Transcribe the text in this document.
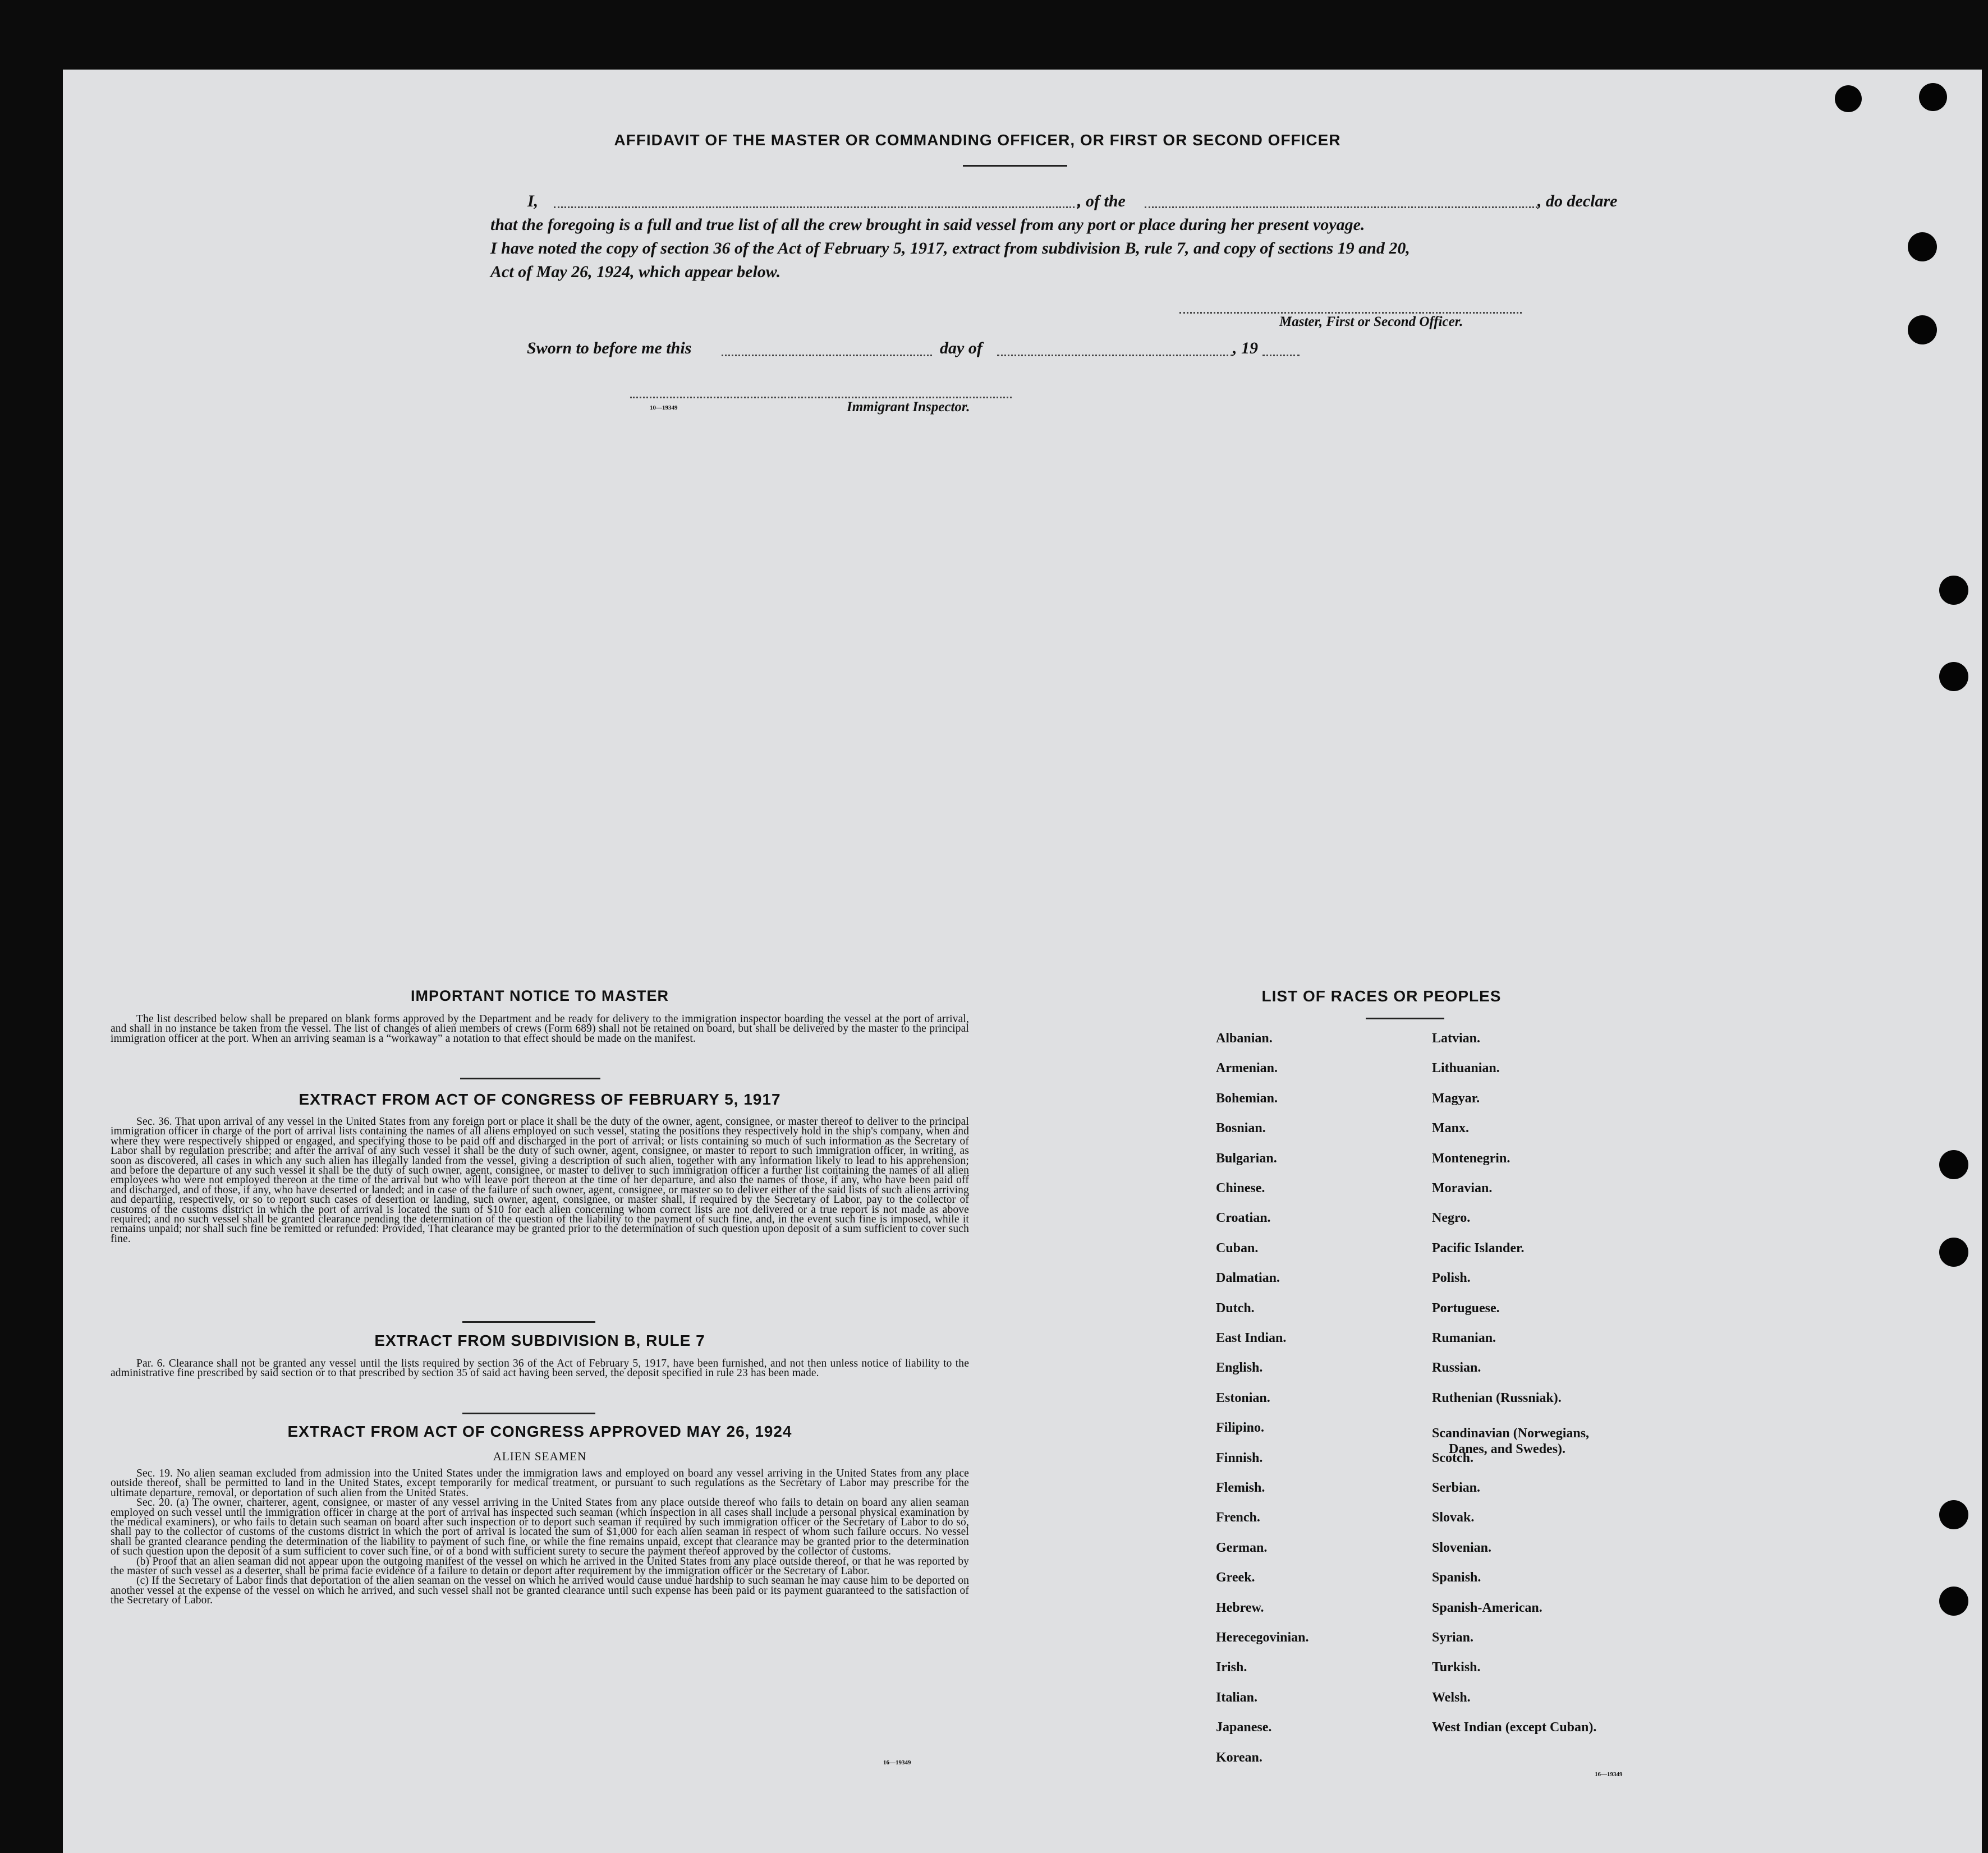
AFFIDAVIT OF THE MASTER OR COMMANDING OFFICER, OR FIRST OR SECOND OFFICER
I,	, of the	, do declare
that the foregoing is a full and true list of all the crew brought in said vessel from any port or place during her present voyage.
I have noted the copy of section 36 of the Act of February 5, 1917, extract from subdivision B, rule 7, and copy of sections 19 and 20,
Act of May 26, 1924, which appear below.
Master, First or Second Officer.
Sworn to before me this	day of	, 19
10—19349	Immigrant Inspector.
IMPORTANT NOTICE TO MASTER

The list described below shall be prepared on blank forms approved by the Department and be ready for delivery to the immigration inspector boarding the vessel at the port of arrival, and shall in no instance be taken from the vessel. The list of changes of alien members of crews (Form 689) shall not be retained on board, but shall be delivered by the master to the principal immigration officer at the port. When an arriving seaman is a “workaway” a notation to that effect should be made on the manifest.

EXTRACT FROM ACT OF CONGRESS OF FEBRUARY 5, 1917

Sec. 36. That upon arrival of any vessel in the United States from any foreign port or place it shall be the duty of the owner, agent, consignee, or master thereof to deliver to the principal immigration officer in charge of the port of arrival lists containing the names of all aliens employed on such vessel, stating the positions they respectively hold in the ship's company, when and where they were respectively shipped or engaged, and specifying those to be paid off and discharged in the port of arrival; or lists containing so much of such information as the Secretary of Labor shall by regulation prescribe; and after the arrival of any such vessel it shall be the duty of such owner, agent, consignee, or master to report to such immigration officer, in writing, as soon as discovered, all cases in which any such alien has illegally landed from the vessel, giving a description of such alien, together with any information likely to lead to his apprehension; and before the departure of any such vessel it shall be the duty of such owner, agent, consignee, or master to deliver to such immigration officer a further list containing the names of all alien employees who were not employed thereon at the time of the arrival but who will leave port thereon at the time of her departure, and also the names of those, if any, who have been paid off and discharged, and of those, if any, who have deserted or landed; and in case of the failure of such owner, agent, consignee, or master so to deliver either of the said lists of such aliens arriving and departing, respectively, or so to report such cases of desertion or landing, such owner, agent, consignee, or master shall, if required by the Secretary of Labor, pay to the collector of customs of the customs district in which the port of arrival is located the sum of $10 for each alien concerning whom correct lists are not delivered or a true report is not made as above required; and no such vessel shall be granted clearance pending the determination of the question of the liability to the payment of such fine, and, in the event such fine is imposed, while it remains unpaid; nor shall such fine be remitted or refunded: Provided, That clearance may be granted prior to the determination of such question upon deposit of a sum sufficient to cover such fine.

EXTRACT FROM SUBDIVISION B, RULE 7

Par. 6. Clearance shall not be granted any vessel until the lists required by section 36 of the Act of February 5, 1917, have been furnished, and not then unless notice of liability to the administrative fine prescribed by said section or to that prescribed by section 35 of said act having been served, the deposit specified in rule 23 has been made.

EXTRACT FROM ACT OF CONGRESS APPROVED MAY 26, 1924
ALIEN SEAMEN

Sec. 19. No alien seaman excluded from admission into the United States under the immigration laws and employed on board any vessel arriving in the United States from any place outside thereof, shall be permitted to land in the United States, except temporarily for medical treatment, or pursuant to such regulations as the Secretary of Labor may prescribe for the ultimate departure, removal, or deportation of such alien from the United States.

Sec. 20. (a) The owner, charterer, agent, consignee, or master of any vessel arriving in the United States from any place outside thereof who fails to detain on board any alien seaman employed on such vessel until the immigration officer in charge at the port of arrival has inspected such seaman (which inspection in all cases shall include a personal physical examination by the medical examiners), or who fails to detain such seaman on board after such inspection or to deport such seaman if required by such immigration officer or the Secretary of Labor to do so, shall pay to the collector of customs of the customs district in which the port of arrival is located the sum of $1,000 for each alien seaman in respect of whom such failure occurs. No vessel shall be granted clearance pending the determination of the liability to payment of such fine, or while the fine remains unpaid, except that clearance may be granted prior to the determination of such question upon the deposit of a sum sufficient to cover such fine, or of a bond with sufficient surety to secure the payment thereof approved by the collector of customs.

(b) Proof that an alien seaman did not appear upon the outgoing manifest of the vessel on which he arrived in the United States from any place outside thereof, or that he was reported by the master of such vessel as a deserter, shall be prima facie evidence of a failure to detain or deport after requirement by the immigration officer or the Secretary of Labor.

(c) If the Secretary of Labor finds that deportation of the alien seaman on the vessel on which he arrived would cause undue hardship to such seaman he may cause him to be deported on another vessel at the expense of the vessel on which he arrived, and such vessel shall not be granted clearance until such expense has been paid or its payment guaranteed to the satisfaction of the Secretary of Labor.

16—19349
LIST OF RACES OR PEOPLES
16—19349
Albanian.
Armenian.
Bohemian.
Bosnian.
Bulgarian.
Chinese.
Croatian.
Cuban.
Dalmatian.
Dutch.
East Indian.
English.
Estonian.
Filipino.
Finnish.
Flemish.
French.
German.
Greek.
Hebrew.
Herecegovinian.
Irish.
Italian.
Japanese.
Korean.
Latvian.
Lithuanian.
Magyar.
Manx.
Montenegrin.
Moravian.
Negro.
Pacific Islander.
Polish.
Portuguese.
Rumanian.
Russian.
Ruthenian (Russniak).
Scandinavian (Norwegians,
Danes, and Swedes).
Scotch.
Serbian.
Slovak.
Slovenian.
Spanish.
Spanish-American.
Syrian.
Turkish.
Welsh.
West Indian (except Cuban).
